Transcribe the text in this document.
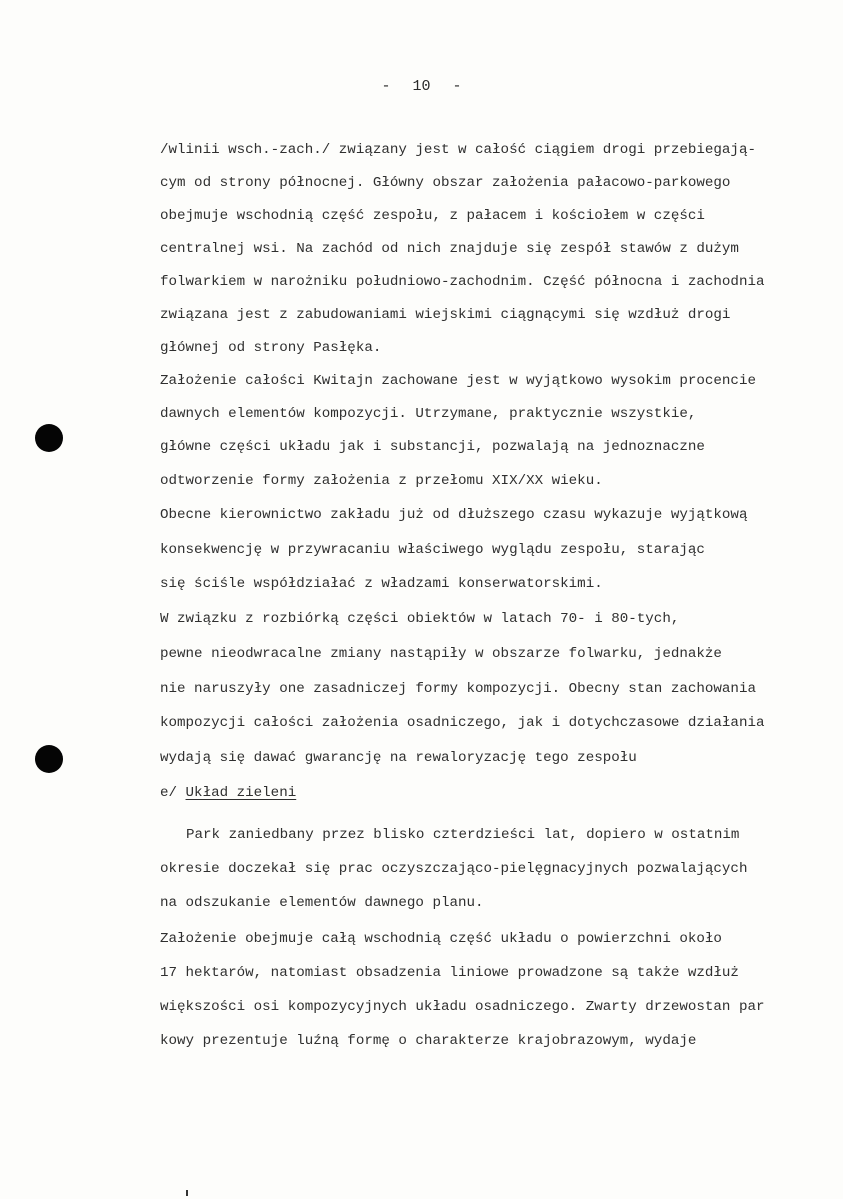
- 10 -
/wlinii wsch.-zach./ związany jest w całość ciągiem drogi przebiegają-
cym od strony północnej. Główny obszar założenia pałacowo-parkowego
obejmuje wschodnią część zespołu, z pałacem i kościołem w części
centralnej wsi. Na zachód od nich znajduje się zespół stawów z dużym
folwarkiem w narożniku południowo-zachodnim. Część północna i zachodnia
związana jest z zabudowaniami wiejskimi ciągnącymi się wzdłuż drogi
głównej od strony Pasłęka.
Założenie całości Kwitajn zachowane jest w wyjątkowo wysokim procencie
dawnych elementów kompozycji. Utrzymane, praktycznie wszystkie,
główne części układu jak i substancji, pozwalają na jednoznaczne
odtworzenie formy założenia z przełomu XIX/XX wieku.
Obecne kierownictwo zakładu już od dłuższego czasu wykazuje wyjątkową
konsekwencję w przywracaniu właściwego wyglądu zespołu, starając
się ściśle współdziałać z władzami konserwatorskimi.
W związku z rozbiórką części obiektów w latach 70- i 80-tych,
pewne nieodwracalne zmiany nastąpiły w obszarze folwarku, jednakże
nie naruszyły one zasadniczej formy kompozycji. Obecny stan zachowania
kompozycji całości założenia osadniczego, jak i dotychczasowe działania
wydają się dawać gwarancję na rewaloryzację tego zespołu
e/ Układ zieleni
Park zaniedbany przez blisko czterdzieści lat, dopiero w ostatnim
okresie doczekał się prac oczyszczająco-pielęgnacyjnych pozwalających
na odszukanie elementów dawnego planu.
Założenie obejmuje całą wschodnią część układu o powierzchni około
17 hektarów, natomiast obsadzenia liniowe prowadzone są także wzdłuż
większości osi kompozycyjnych układu osadniczego. Zwarty drzewostan par
kowy prezentuje luźną formę o charakterze krajobrazowym, wydaje
